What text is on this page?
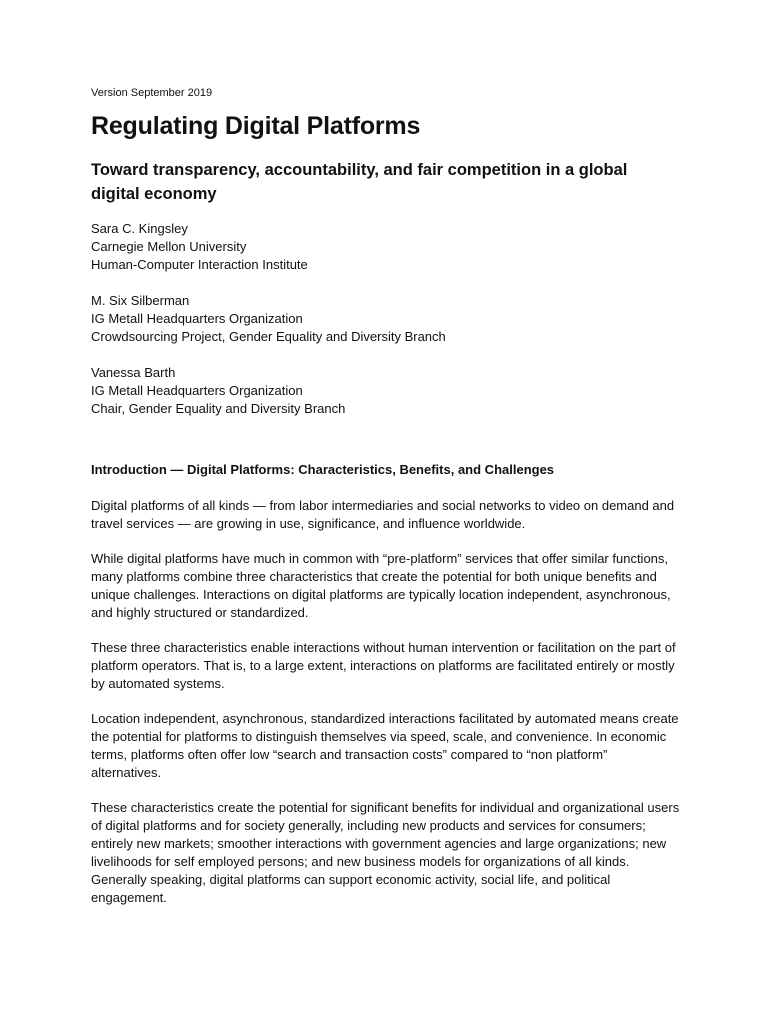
Version September 2019
Regulating Digital Platforms
Toward transparency, accountability, and fair competition in a global digital economy
Sara C. Kingsley
Carnegie Mellon University
Human-Computer Interaction Institute
M. Six Silberman
IG Metall Headquarters Organization
Crowdsourcing Project, Gender Equality and Diversity Branch
Vanessa Barth
IG Metall Headquarters Organization
Chair, Gender Equality and Diversity Branch
Introduction — Digital Platforms: Characteristics, Benefits, and Challenges

Digital platforms of all kinds — from labor intermediaries and social networks to video on demand and travel services — are growing in use, significance, and influence worldwide.

While digital platforms have much in common with “pre-platform” services that offer similar functions, many platforms combine three characteristics that create the potential for both unique benefits and unique challenges. Interactions on digital platforms are typically location independent, asynchronous, and highly structured or standardized.

These three characteristics enable interactions without human intervention or facilitation on the part of platform operators. That is, to a large extent, interactions on platforms are facilitated entirely or mostly by automated systems.

Location independent, asynchronous, standardized interactions facilitated by automated means create the potential for platforms to distinguish themselves via speed, scale, and convenience. In economic terms, platforms often offer low “search and transaction costs” compared to “non platform” alternatives.

These characteristics create the potential for significant benefits for individual and organizational users of digital platforms and for society generally, including new products and services for consumers; entirely new markets; smoother interactions with government agencies and large organizations; new livelihoods for self employed persons; and new business models for organizations of all kinds. Generally speaking, digital platforms can support economic activity, social life, and political engagement.
